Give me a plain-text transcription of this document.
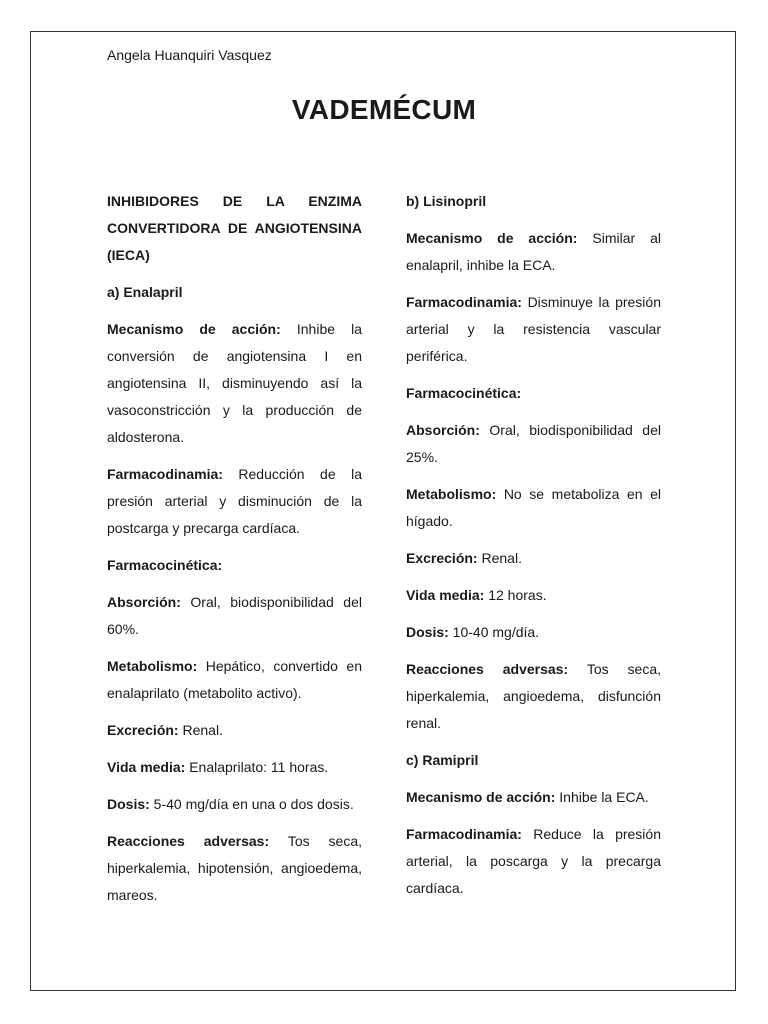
Angela Huanquiri Vasquez
VADEMÉCUM

INHIBIDORES DE LA ENZIMA CONVERTIDORA DE ANGIOTENSINA (IECA)

a) Enalapril

Mecanismo de acción: Inhibe la conversión de angiotensina I en angiotensina II, disminuyendo así la vasoconstricción y la producción de aldosterona.

Farmacodinamia: Reducción de la presión arterial y disminución de la postcarga y precarga cardíaca.

Farmacocinética:

Absorción: Oral, biodisponibilidad del 60%.

Metabolismo: Hepático, convertido en enalaprilato (metabolito activo).

Excreción: Renal.

Vida media: Enalaprilato: 11 horas.

Dosis: 5-40 mg/día en una o dos dosis.

Reacciones adversas: Tos seca, hiperkalemia, hipotensión, angioedema, mareos.

b) Lisinopril

Mecanismo de acción: Similar al enalapril, inhibe la ECA.

Farmacodinamia: Disminuye la presión arterial y la resistencia vascular periférica.

Farmacocinética:

Absorción: Oral, biodisponibilidad del 25%.

Metabolismo: No se metaboliza en el hígado.

Excreción: Renal.

Vida media: 12 horas.

Dosis: 10-40 mg/día.

Reacciones adversas: Tos seca, hiperkalemia, angioedema, disfunción renal.

c) Ramipril

Mecanismo de acción: Inhibe la ECA.

Farmacodinamia: Reduce la presión arterial, la poscarga y la precarga cardíaca.
